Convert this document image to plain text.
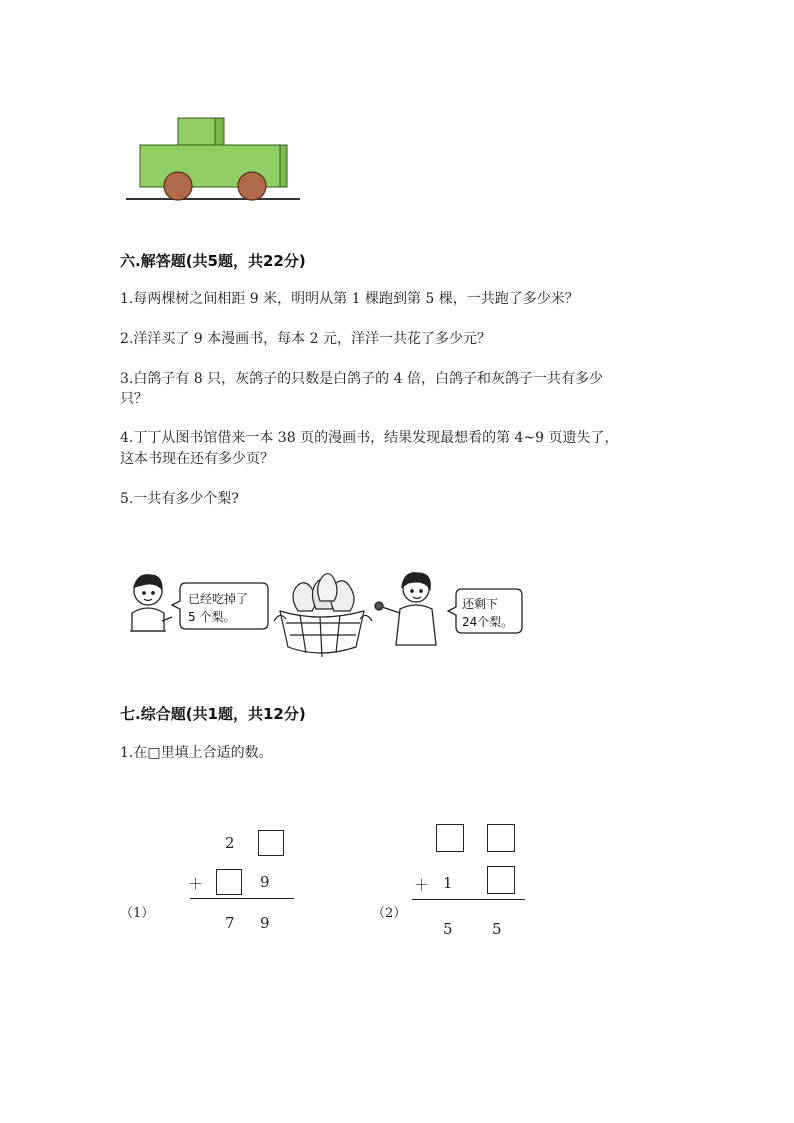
六.解答题(共5题，共22分)
1.每两棵树之间相距 9 米，明明从第 1 棵跑到第 5 棵，一共跑了多少米？
2.洋洋买了 9 本漫画书，每本 2 元，洋洋一共花了多少元？
3.白鸽子有 8 只，灰鸽子的只数是白鸽子的 4 倍，白鸽子和灰鸽子一共有多少
只？
4.丁丁从图书馆借来一本 38 页的漫画书，结果发现最想看的第 4~9 页遗失了，
这本书现在还有多少页？
5.一共有多少个梨?
已经吃掉了
5 个梨。
还剩下
24个梨。
七.综合题(共1题，共12分)
1.在□里填上合适的数。
（1）
2
＋	9
7 9
（2）
＋ 1
5	5
